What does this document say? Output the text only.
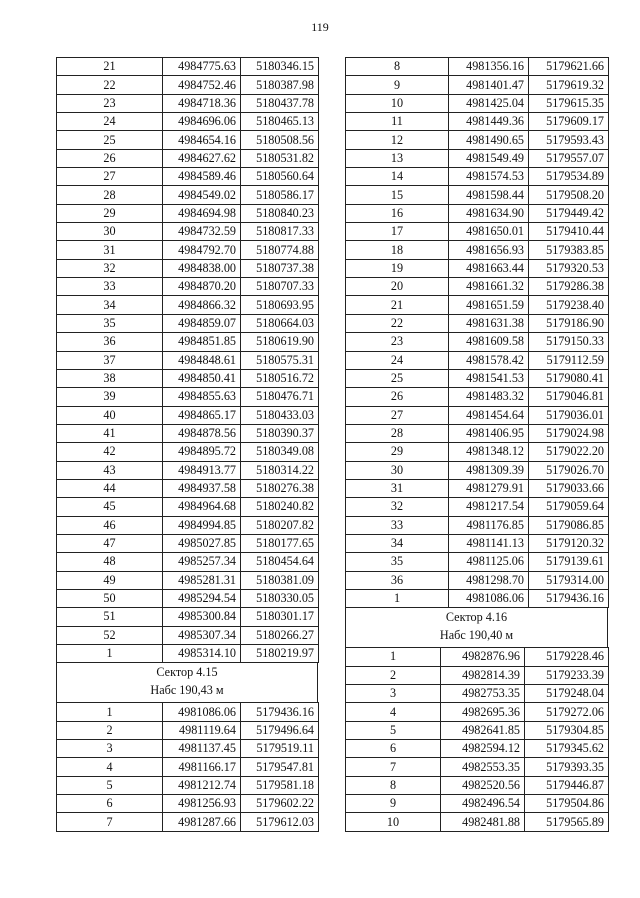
119
21	4984775.63	5180346.15
22	4984752.46	5180387.98
23	4984718.36	5180437.78
24	4984696.06	5180465.13
25	4984654.16	5180508.56
26	4984627.62	5180531.82
27	4984589.46	5180560.64
28	4984549.02	5180586.17
29	4984694.98	5180840.23
30	4984732.59	5180817.33
31	4984792.70	5180774.88
32	4984838.00	5180737.38
33	4984870.20	5180707.33
34	4984866.32	5180693.95
35	4984859.07	5180664.03
36	4984851.85	5180619.90
37	4984848.61	5180575.31
38	4984850.41	5180516.72
39	4984855.63	5180476.71
40	4984865.17	5180433.03
41	4984878.56	5180390.37
42	4984895.72	5180349.08
43	4984913.77	5180314.22
44	4984937.58	5180276.38
45	4984964.68	5180240.82
46	4984994.85	5180207.82
47	4985027.85	5180177.65
48	4985257.34	5180454.64
49	4985281.31	5180381.09
50	4985294.54	5180330.05
51	4985300.84	5180301.17
52	4985307.34	5180266.27
1	4985314.10	5180219.97
Сектор 4.15
Набс 190,43 м
1	4981086.06	5179436.16
2	4981119.64	5179496.64
3	4981137.45	5179519.11
4	4981166.17	5179547.81
5	4981212.74	5179581.18
6	4981256.93	5179602.22
7	4981287.66	5179612.03
8	4981356.16	5179621.66
9	4981401.47	5179619.32
10	4981425.04	5179615.35
11	4981449.36	5179609.17
12	4981490.65	5179593.43
13	4981549.49	5179557.07
14	4981574.53	5179534.89
15	4981598.44	5179508.20
16	4981634.90	5179449.42
17	4981650.01	5179410.44
18	4981656.93	5179383.85
19	4981663.44	5179320.53
20	4981661.32	5179286.38
21	4981651.59	5179238.40
22	4981631.38	5179186.90
23	4981609.58	5179150.33
24	4981578.42	5179112.59
25	4981541.53	5179080.41
26	4981483.32	5179046.81
27	4981454.64	5179036.01
28	4981406.95	5179024.98
29	4981348.12	5179022.20
30	4981309.39	5179026.70
31	4981279.91	5179033.66
32	4981217.54	5179059.64
33	4981176.85	5179086.85
34	4981141.13	5179120.32
35	4981125.06	5179139.61
36	4981298.70	5179314.00
1	4981086.06	5179436.16
Сектор 4.16
Набс 190,40 м
1	4982876.96	5179228.46
2	4982814.39	5179233.39
3	4982753.35	5179248.04
4	4982695.36	5179272.06
5	4982641.85	5179304.85
6	4982594.12	5179345.62
7	4982553.35	5179393.35
8	4982520.56	5179446.87
9	4982496.54	5179504.86
10	4982481.88	5179565.89
